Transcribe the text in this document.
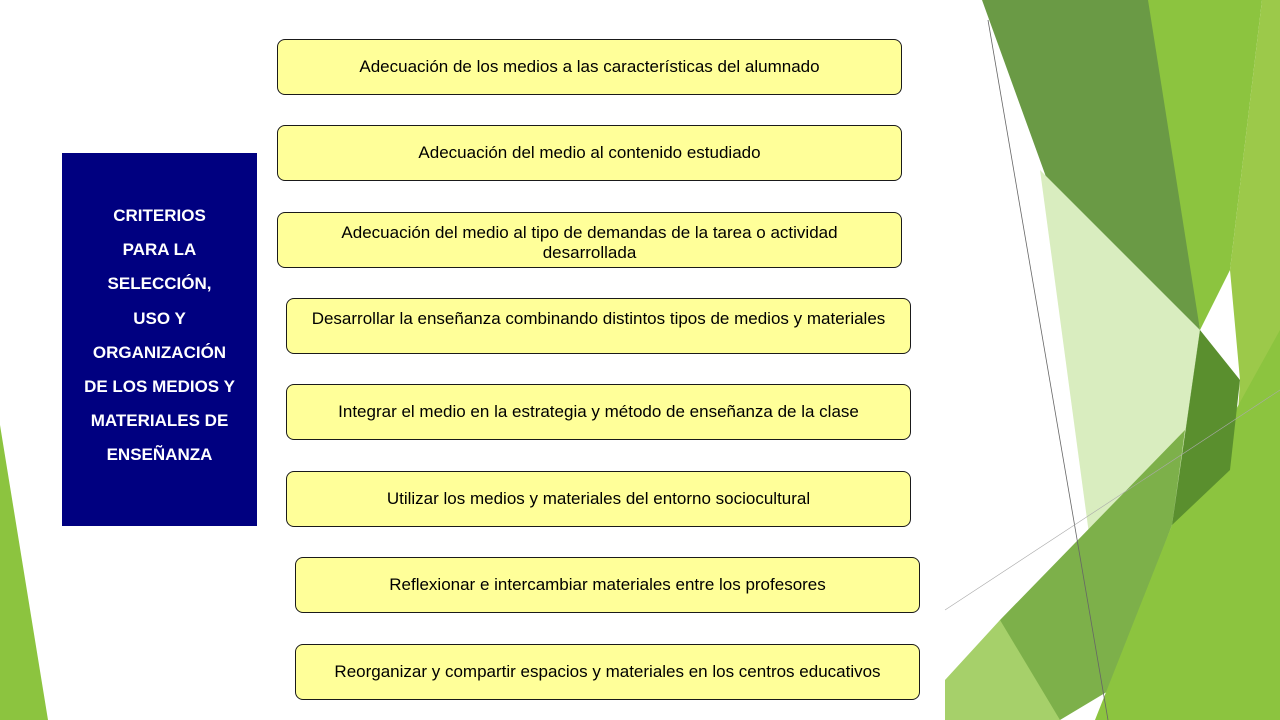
CRITERIOS
PARA LA
SELECCIÓN,
USO Y
ORGANIZACIÓN
DE LOS MEDIOS Y
MATERIALES DE
ENSEÑANZA
Adecuación de los medios a las características del alumnado
Adecuación del medio al contenido estudiado
Adecuación del medio al tipo de demandas de la tarea o actividad desarrollada
Desarrollar la enseñanza combinando distintos tipos de medios y materiales
Integrar el medio en la estrategia y método de enseñanza de la clase
Utilizar los medios y materiales del entorno sociocultural
Reflexionar e intercambiar materiales entre los profesores
Reorganizar y compartir espacios y materiales en los centros educativos
